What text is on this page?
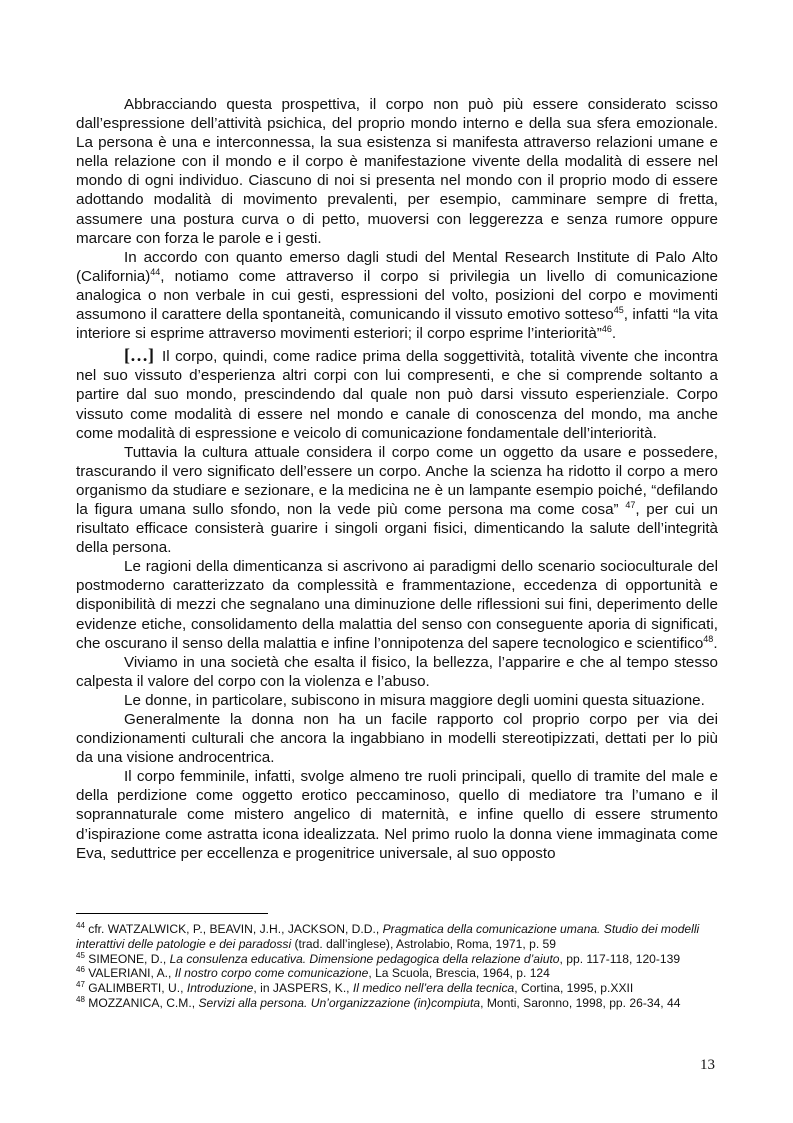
Abbracciando questa prospettiva, il corpo non può più essere considerato scisso dall’espressione dell’attività psichica, del proprio mondo interno e della sua sfera emozionale. La persona è una e interconnessa, la sua esistenza si manifesta attraverso relazioni umane e nella relazione con il mondo e il corpo è manifestazione vivente della modalità di essere nel mondo di ogni individuo. Ciascuno di noi si presenta nel mondo con il proprio modo di essere adottando modalità di movimento prevalenti, per esempio, camminare sempre di fretta, assumere una postura curva o di petto, muoversi con leggerezza e senza rumore oppure marcare con forza le parole e i gesti.

In accordo con quanto emerso dagli studi del Mental Research Institute di Palo Alto (California)$^{44}$, notiamo come attraverso il corpo si privilegia un livello di comunicazione analogica o non verbale in cui gesti, espressioni del volto, posizioni del corpo e movimenti assumono il carattere della spontaneità, comunicando il vissuto emotivo sotteso$^{45}$, infatti “la vita interiore si esprime attraverso movimenti esteriori; il corpo esprime l’interiorità”$^{46}$.

[…] Il corpo, quindi, come radice prima della soggettività, totalità vivente che incontra nel suo vissuto d’esperienza altri corpi con lui compresenti, e che si comprende soltanto a partire dal suo mondo, prescindendo dal quale non può darsi vissuto esperienziale. Corpo vissuto come modalità di essere nel mondo e canale di conoscenza del mondo, ma anche come modalità di espressione e veicolo di comunicazione fondamentale dell’interiorità.

Tuttavia la cultura attuale considera il corpo come un oggetto da usare e possedere, trascurando il vero significato dell’essere un corpo. Anche la scienza ha ridotto il corpo a mero organismo da studiare e sezionare, e la medicina ne è un lampante esempio poiché, “defilando la figura umana sullo sfondo, non la vede più come persona ma come cosa” $^{47}$, per cui un risultato efficace consisterà guarire i singoli organi fisici, dimenticando la salute dell’integrità della persona.

Le ragioni della dimenticanza si ascrivono ai paradigmi dello scenario socioculturale del postmoderno caratterizzato da complessità e frammentazione, eccedenza di opportunità e disponibilità di mezzi che segnalano una diminuzione delle riflessioni sui fini, deperimento delle evidenze etiche, consolidamento della malattia del senso con conseguente aporia di significati, che oscurano il senso della malattia e infine l’onnipotenza del sapere tecnologico e scientifico$^{48}$.

Viviamo in una società che esalta il fisico, la bellezza, l’apparire e che al tempo stesso calpesta il valore del corpo con la violenza e l’abuso.

Le donne, in particolare, subiscono in misura maggiore degli uomini questa situazione.

Generalmente la donna non ha un facile rapporto col proprio corpo per via dei condizionamenti culturali che ancora la ingabbiano in modelli stereotipizzati, dettati per lo più da una visione androcentrica.

Il corpo femminile, infatti, svolge almeno tre ruoli principali, quello di tramite del male e della perdizione come oggetto erotico peccaminoso, quello di mediatore tra l’umano e il soprannaturale come mistero angelico di maternità, e infine quello di essere strumento d’ispirazione come astratta icona idealizzata. Nel primo ruolo la donna viene immaginata come Eva, seduttrice per eccellenza e progenitrice universale, al suo opposto

$^{44}$ cfr. WATZALWICK, P., BEAVIN, J.H., JACKSON, D.D., Pragmatica della comunicazione umana. Studio dei modelli interattivi delle patologie e dei paradossi (trad. dall’inglese), Astrolabio, Roma, 1971, p. 59

$^{45}$ SIMEONE, D., La consulenza educativa. Dimensione pedagogica della relazione d’aiuto, pp. 117-118, 120-139

$^{46}$ VALERIANI, A., Il nostro corpo come comunicazione, La Scuola, Brescia, 1964, p. 124

$^{47}$ GALIMBERTI, U., Introduzione, in JASPERS, K., Il medico nell’era della tecnica, Cortina, 1995, p.XXII

$^{48}$ MOZZANICA, C.M., Servizi alla persona. Un’organizzazione (in)compiuta, Monti, Saronno, 1998, pp. 26-34, 44

13
